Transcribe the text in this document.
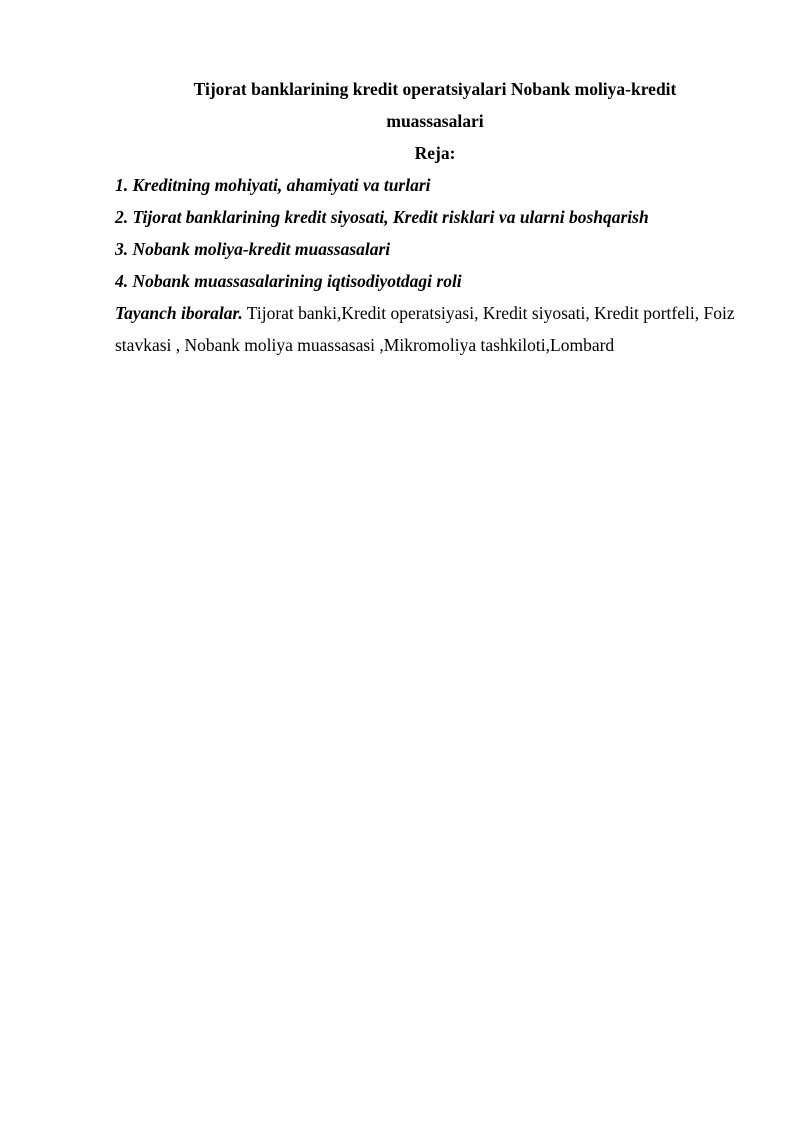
Tijorat banklarining kredit operatsiyalari Nobank moliya-kredit
muassasalari

Reja:

1. Kreditning mohiyati, ahamiyati va turlari
2. Tijorat banklarining kredit siyosati, Kredit risklari va ularni boshqarish
3. Nobank moliya-kredit muassasalari
4. Nobank muassasalarining iqtisodiyotdagi roli

Tayanch iboralar. Tijorat banki,Kredit operatsiyasi, Kredit siyosati, Kredit portfeli, Foiz stavkasi , Nobank moliya muassasasi ,Mikromoliya tashkiloti,Lombard
